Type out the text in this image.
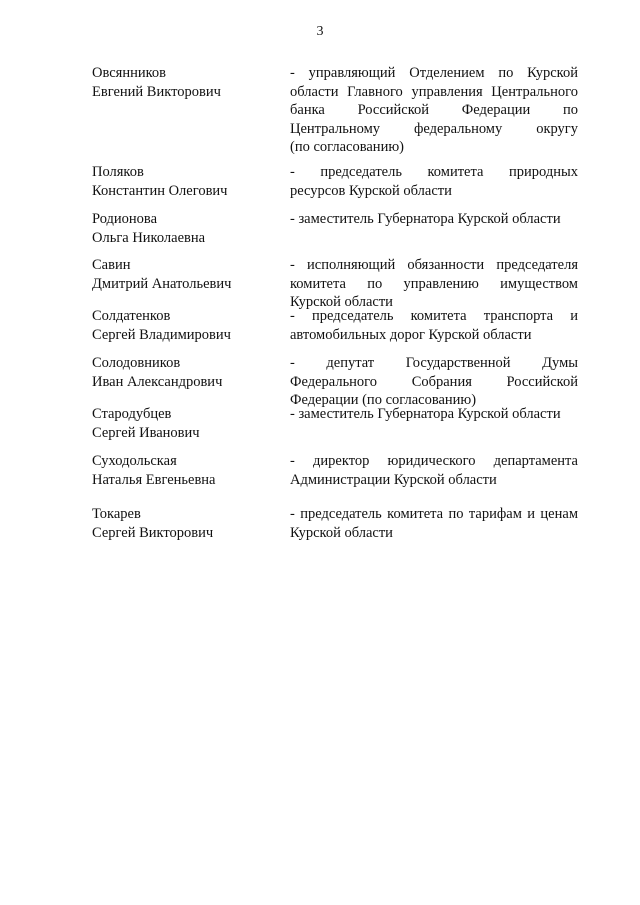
3
Овсянников
Евгений Викторович
- управляющий Отделением по Курской
области Главного управления Центрального
банка Российской Федерации по
Центральному федеральному округу
(по согласованию)
Поляков
Константин Олегович
- председатель комитета природных
ресурсов Курской области
Родионова
Ольга Николаевна
- заместитель Губернатора Курской области
Савин
Дмитрий Анатольевич
- исполняющий обязанности председателя
комитета по управлению имуществом
Курской области
Солдатенков
Сергей Владимирович
- председатель комитета транспорта и
автомобильных дорог Курской области
Солодовников
Иван Александрович
- депутат Государственной Думы
Федерального Собрания Российской
Федерации (по согласованию)
Стародубцев
Сергей Иванович
- заместитель Губернатора Курской области
Суходольская
Наталья Евгеньевна
- директор юридического департамента
Администрации Курской области
Токарев
Сергей Викторович
- председатель комитета по тарифам и ценам
Курской области
